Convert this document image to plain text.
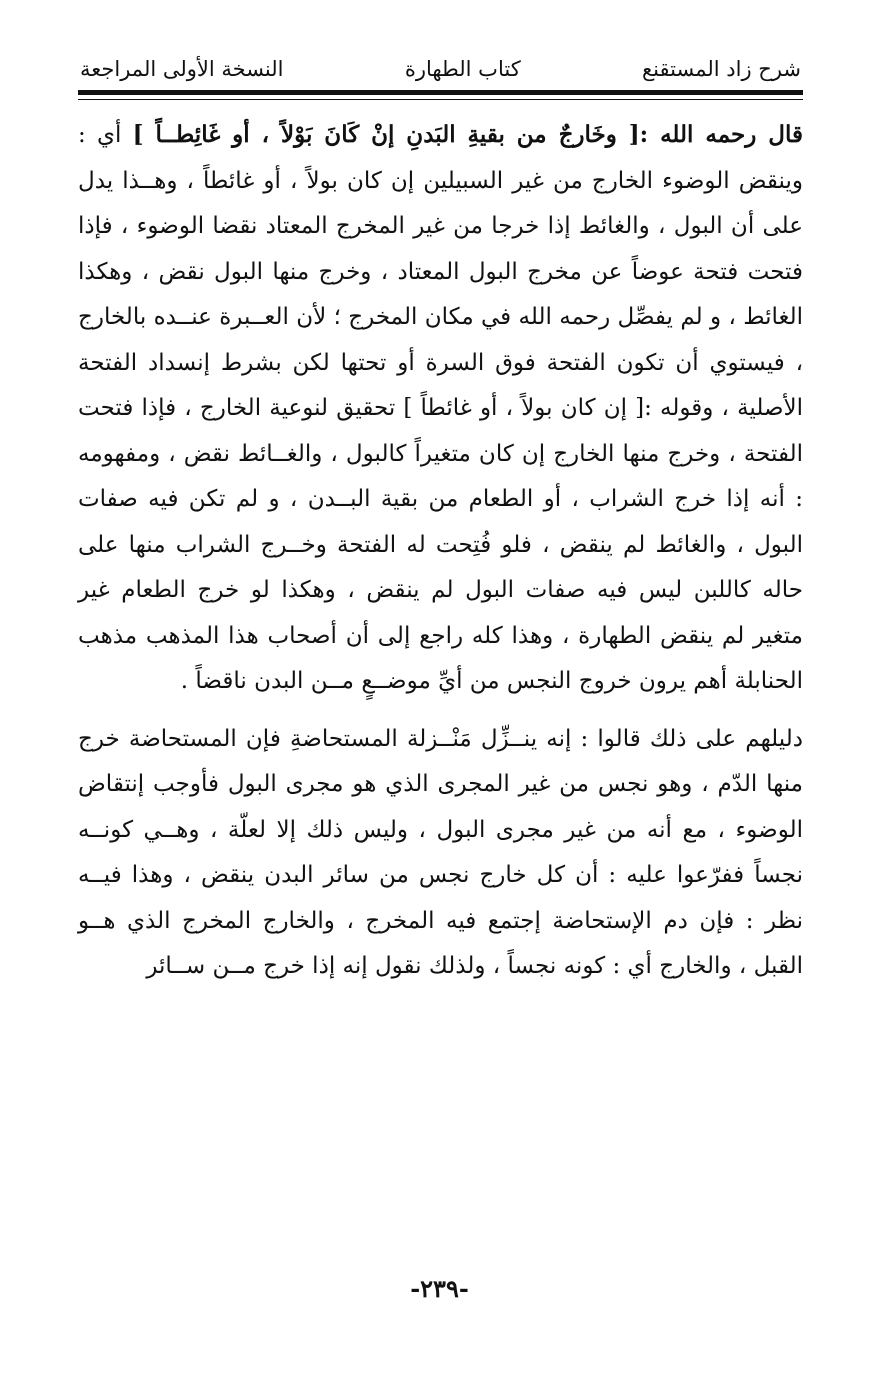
شرح زاد المستقنع
كتاب الطهارة
النسخة الأولى المراجعة

قال رحمه الله :[ وخَارجٌ من بقيةِ البَدنِ إنْ كَانَ بَوْلاً ، أو غَائِطــاً ] أي : وينقض الوضوء الخارج من غير السبيلين إن كان بولاً ، أو غائطاً ، وهــذا يدل على أن البول ، والغائط إذا خرجا من غير المخرج المعتاد نقضا الوضوء ، فإذا فتحت فتحة عوضاً عن مخرج البول المعتاد ، وخرج منها البول نقض ، وهكذا الغائط ، و لم يفصِّل رحمه الله في مكان المخرج ؛ لأن العــبرة عنــده بالخارج ، فيستوي أن تكون الفتحة فوق السرة أو تحتها لكن بشرط إنسداد الفتحة الأصلية ، وقوله :[ إن كان بولاً ، أو غائطاً ] تحقيق لنوعية الخارج ، فإذا فتحت الفتحة ، وخرج منها الخارج إن كان متغيراً كالبول ، والغــائط نقض ، ومفهومه : أنه إذا خرج الشراب ، أو الطعام من بقية البــدن ، و لم تكن فيه صفات البول ، والغائط لم ينقض ، فلو فُتِحت له الفتحة وخــرج الشراب منها على حاله كاللبن ليس فيه صفات البول لم ينقض ، وهكذا لو خرج الطعام غير متغير لم ينقض الطهارة ، وهذا كله راجع إلى أن أصحاب هذا المذهب مذهب الحنابلة أهم يرون خروج النجس من أيِّ موضــعٍ مــن البدن ناقضاً .

دليلهم على ذلك قالوا : إنه ينــزِّل مَنْــزلة المستحاضةِ فإن المستحاضة خرج منها الدّم ، وهو نجس من غير المجرى الذي هو مجرى البول فأوجب إنتقاض الوضوء ، مع أنه من غير مجرى البول ، وليس ذلك إلا لعلّة ، وهــي كونــه نجساً ففرّعوا عليه : أن كل خارج نجس من سائر البدن ينقض ، وهذا فيــه نظر : فإن دم الإستحاضة إجتمع فيه المخرج ، والخارج المخرج الذي هــو القبل ، والخارج أي : كونه نجساً ، ولذلك نقول إنه إذا خرج مــن ســائر

-٢٣٩-
